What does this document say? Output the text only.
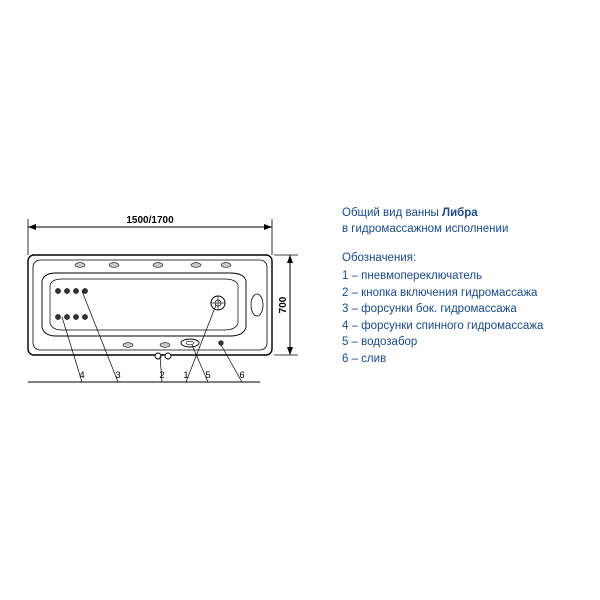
1500/1700
700
4	3	2 1 5	6
Общий вид ванны Либра
в гидромассажном исполнении
Обозначения:
1 – пневмопереключатель
2 – кнопка включения гидромассажа
3 – форсунки бок. гидромассажа
4 – форсунки спинного гидромассажа
5 – водозабор
6 – слив
